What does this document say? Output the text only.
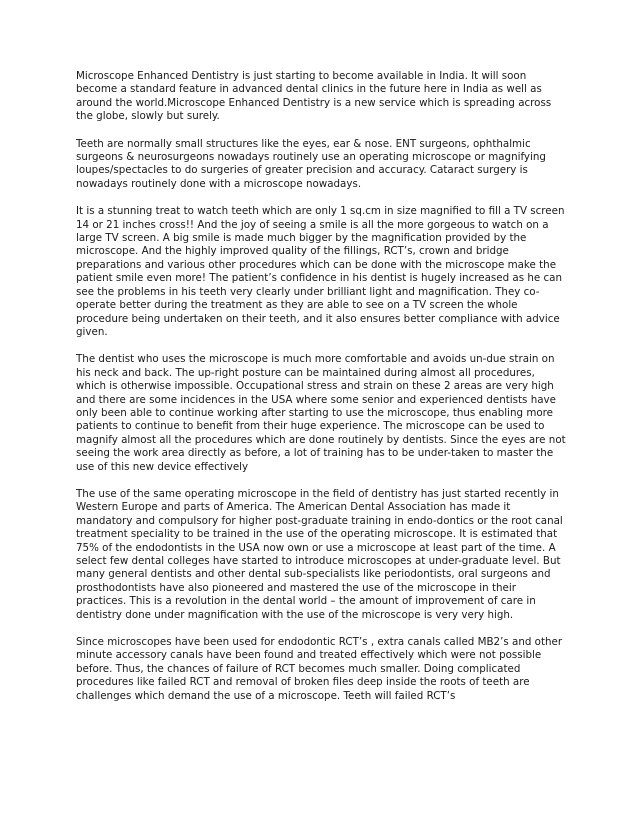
Microscope Enhanced Dentistry is just starting to become available in India. It will soon become a standard feature in advanced dental clinics in the future here in India as well as around the world.Microscope Enhanced Dentistry is a new service which is spreading across the globe, slowly but surely.

Teeth are normally small structures like the eyes, ear & nose. ENT surgeons, ophthalmic surgeons & neurosurgeons nowadays routinely use an operating microscope or magnifying loupes/spectacles to do surgeries of greater precision and accuracy. Cataract surgery is nowadays routinely done with a microscope nowadays.

It is a stunning treat to watch teeth which are only 1 sq.cm in size magnified to fill a TV screen 14 or 21 inches cross!! And the joy of seeing a smile is all the more gorgeous to watch on a large TV screen. A big smile is made much bigger by the magnification provided by the microscope. And the highly improved quality of the fillings, RCT’s, crown and bridge preparations and various other procedures which can be done with the microscope make the patient smile even more! The patient’s confidence in his dentist is hugely increased as he can see the problems in his teeth very clearly under brilliant light and magnification. They co-operate better during the treatment as they are able to see on a TV screen the whole procedure being undertaken on their teeth, and it also ensures better compliance with advice given.

The dentist who uses the microscope is much more comfortable and avoids un-due strain on his neck and back. The up-right posture can be maintained during almost all procedures, which is otherwise impossible. Occupational stress and strain on these 2 areas are very high and there are some incidences in the USA where some senior and experienced dentists have only been able to continue working after starting to use the microscope, thus enabling more patients to continue to benefit from their huge experience. The microscope can be used to magnify almost all the procedures which are done routinely by dentists. Since the eyes are not seeing the work area directly as before, a lot of training has to be under-taken to master the use of this new device effectively

The use of the same operating microscope in the field of dentistry has just started recently in Western Europe and parts of America. The American Dental Association has made it mandatory and compulsory for higher post-graduate training in endo-dontics or the root canal treatment speciality to be trained in the use of the operating microscope. It is estimated that 75% of the endodontists in the USA now own or use a microscope at least part of the time. A select few dental colleges have started to introduce microscopes at under-graduate level. But many general dentists and other dental sub-specialists like periodontists, oral surgeons and prosthodontists have also pioneered and mastered the use of the microscope in their practices. This is a revolution in the dental world – the amount of improvement of care in dentistry done under magnification with the use of the microscope is very very high.

Since microscopes have been used for endodontic RCT’s , extra canals called MB2’s and other minute accessory canals have been found and treated effectively which were not possible before. Thus, the chances of failure of RCT becomes much smaller. Doing complicated procedures like failed RCT and removal of broken files deep inside the roots of teeth are challenges which demand the use of a microscope. Teeth will failed RCT’s
